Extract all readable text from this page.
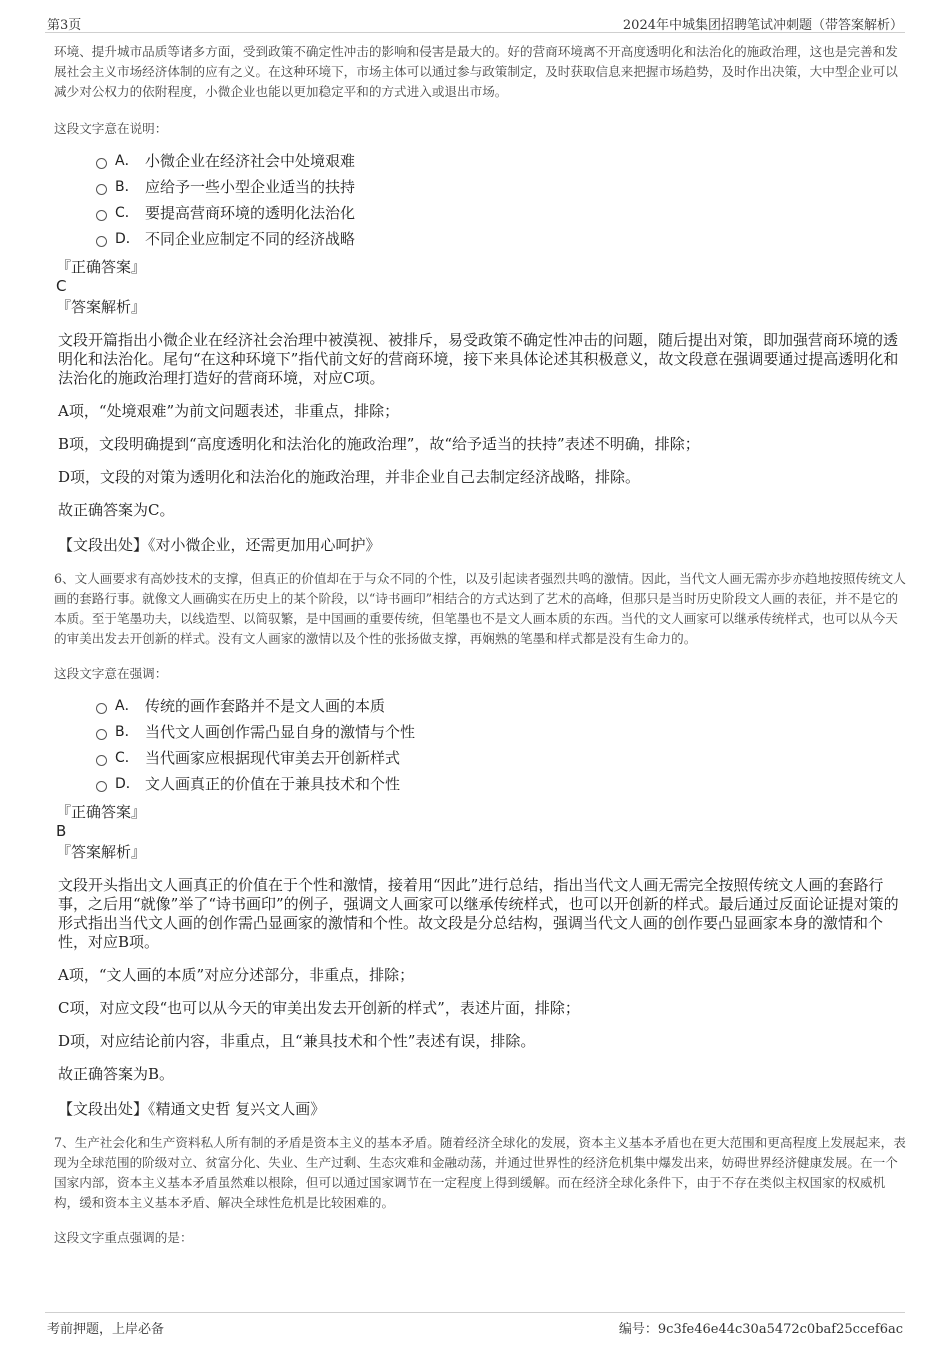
第3页	2024年中城集团招聘笔试冲刺题（带答案解析）

环境、提升城市品质等诸多方面，受到政策不确定性冲击的影响和侵害是最大的。好的营商环境离不开高度透明化和法治化的施政治理，这也是完善和发展社会主义市场经济体制的应有之义。在这种环境下，市场主体可以通过参与政策制定，及时获取信息来把握市场趋势，及时作出决策，大中型企业可以减少对公权力的依附程度，小微企业也能以更加稳定平和的方式进入或退出市场。

这段文字意在说明：

A． 小微企业在经济社会中处境艰难
B． 应给予一些小型企业适当的扶持
C． 要提高营商环境的透明化法治化
D． 不同企业应制定不同的经济战略
『正确答案』
C
『答案解析』

文段开篇指出小微企业在经济社会治理中被漠视、被排斥，易受政策不确定性冲击的问题，随后提出对策，即加强营商环境的透明化和法治化。尾句“在这种环境下”指代前文好的营商环境，接下来具体论述其积极意义，故文段意在强调要通过提高透明化和法治化的施政治理打造好的营商环境，对应C项。

A项，“处境艰难”为前文问题表述，非重点，排除；

B项，文段明确提到“高度透明化和法治化的施政治理”，故“给予适当的扶持”表述不明确，排除；

D项，文段的对策为透明化和法治化的施政治理，并非企业自己去制定经济战略，排除。

故正确答案为C。

【文段出处】《对小微企业，还需更加用心呵护》

6、文人画要求有高妙技术的支撑，但真正的价值却在于与众不同的个性，以及引起读者强烈共鸣的激情。因此，当代文人画无需亦步亦趋地按照传统文人画的套路行事。就像文人画确实在历史上的某个阶段，以“诗书画印”相结合的方式达到了艺术的高峰，但那只是当时历史阶段文人画的表征，并不是它的本质。至于笔墨功夫，以线造型、以简驭繁，是中国画的重要传统，但笔墨也不是文人画本质的东西。当代的文人画家可以继承传统样式，也可以从今天的审美出发去开创新的样式。没有文人画家的激情以及个性的张扬做支撑，再娴熟的笔墨和样式都是没有生命力的。

这段文字意在强调：

A． 传统的画作套路并不是文人画的本质
B． 当代文人画创作需凸显自身的激情与个性
C． 当代画家应根据现代审美去开创新样式
D． 文人画真正的价值在于兼具技术和个性
『正确答案』
B
『答案解析』

文段开头指出文人画真正的价值在于个性和激情，接着用“因此”进行总结，指出当代文人画无需完全按照传统文人画的套路行事，之后用“就像”举了“诗书画印”的例子，强调文人画家可以继承传统样式，也可以开创新的样式。最后通过反面论证提对策的形式指出当代文人画的创作需凸显画家的激情和个性。故文段是分总结构，强调当代文人画的创作要凸显画家本身的激情和个性，对应B项。

A项，“文人画的本质”对应分述部分，非重点，排除；

C项，对应文段“也可以从今天的审美出发去开创新的样式”，表述片面，排除；

D项，对应结论前内容，非重点，且“兼具技术和个性”表述有误，排除。

故正确答案为B。

【文段出处】《精通文史哲 复兴文人画》

7、生产社会化和生产资料私人所有制的矛盾是资本主义的基本矛盾。随着经济全球化的发展，资本主义基本矛盾也在更大范围和更高程度上发展起来，表现为全球范围的阶级对立、贫富分化、失业、生产过剩、生态灾难和金融动荡，并通过世界性的经济危机集中爆发出来，妨碍世界经济健康发展。在一个国家内部，资本主义基本矛盾虽然难以根除，但可以通过国家调节在一定程度上得到缓解。而在经济全球化条件下，由于不存在类似主权国家的权威机构，缓和资本主义基本矛盾、解决全球性危机是比较困难的。

这段文字重点强调的是：

考前押题，上岸必备	编号：9c3fe46e44c30a5472c0baf25ccef6ac
